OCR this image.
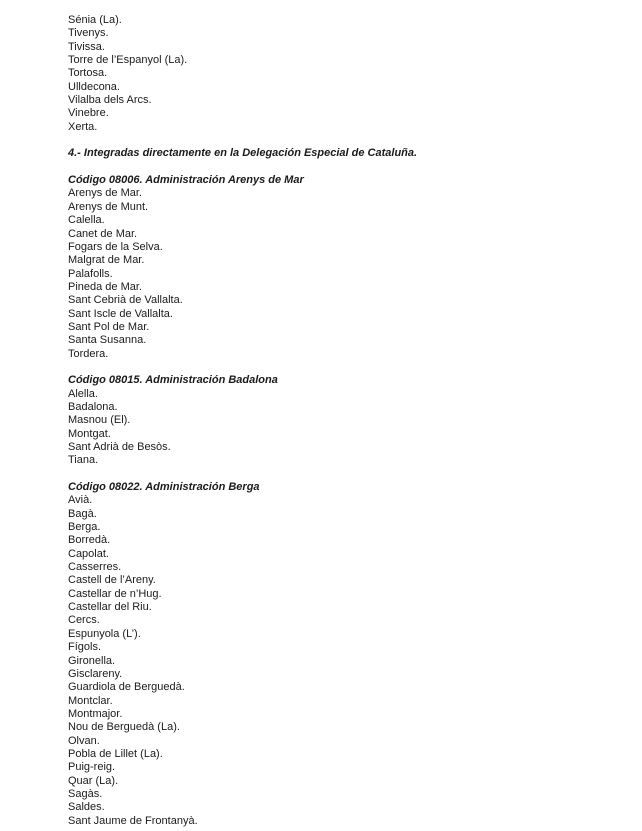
Sénia (La).
Tivenys.
Tivissa.
Torre de l’Espanyol (La).
Tortosa.
Ulldecona.
Vilalba dels Arcs.
Vinebre.
Xerta.
4.- Integradas directamente en la Delegación Especial de Cataluña.
Código 08006. Administración Arenys de Mar
Arenys de Mar.
Arenys de Munt.
Calella.
Canet de Mar.
Fogars de la Selva.
Malgrat de Mar.
Palafolls.
Pineda de Mar.
Sant Cebrià de Vallalta.
Sant Iscle de Vallalta.
Sant Pol de Mar.
Santa Susanna.
Tordera.
Código 08015. Administración Badalona
Alella.
Badalona.
Masnou (El).
Montgat.
Sant Adrià de Besòs.
Tiana.
Código 08022. Administración Berga
Avià.
Bagà.
Berga.
Borredà.
Capolat.
Casserres.
Castell de l’Areny.
Castellar de n’Hug.
Castellar del Riu.
Cercs.
Espunyola (L’).
Fígols.
Gironella.
Gisclareny.
Guardiola de Berguedà.
Montclar.
Montmajor.
Nou de Berguedà (La).
Olvan.
Pobla de Lillet (La).
Puig-reig.
Quar (La).
Sagàs.
Saldes.
Sant Jaume de Frontanyà.
